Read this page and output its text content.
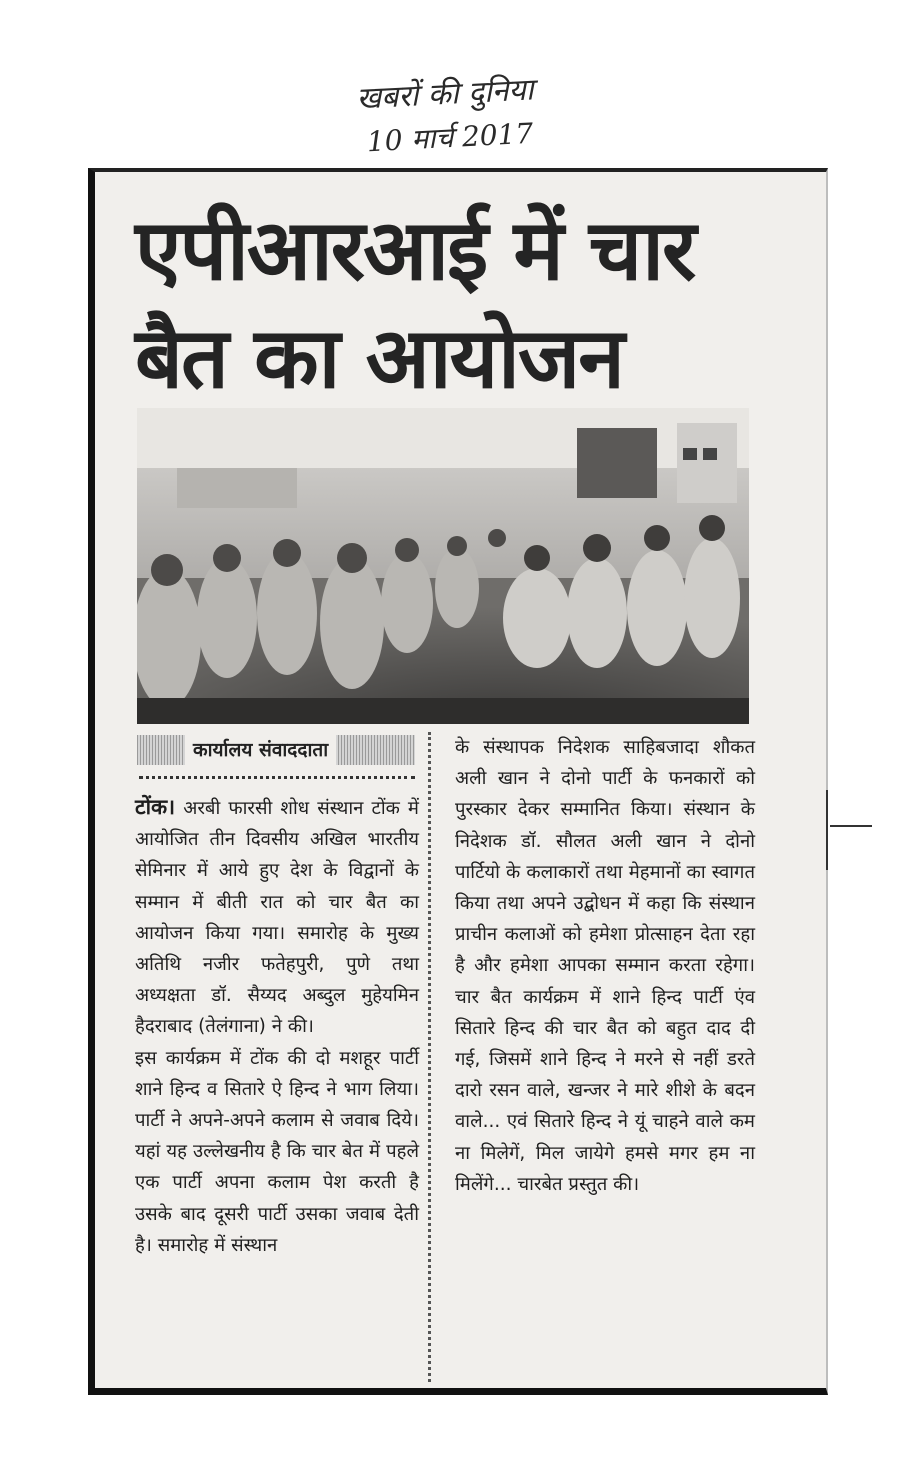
खबरों की दुनिया
10 मार्च 2017
एपीआरआई में चार
बैत का आयोजन
कार्यालय संवाददाता

टोंक। अरबी फारसी शोध संस्थान टोंक में आयोजित तीन दिवसीय अखिल भारतीय सेमिनार में आये हुए देश के विद्वानों के सम्मान में बीती रात को चार बैत का आयोजन किया गया। समारोह के मुख्य अतिथि नजीर फतेहपुरी, पुणे तथा अध्यक्षता डॉ. सैय्यद अब्दुल मुहेयमिन हैदराबाद (तेलंगाना) ने की।

इस कार्यक्रम में टोंक की दो मशहूर पार्टी शाने हिन्द व सितारे ऐ हिन्द ने भाग लिया। पार्टी ने अपने-अपने कलाम से जवाब दिये। यहां यह उल्लेखनीय है कि चार बेत में पहले एक पार्टी अपना कलाम पेश करती है उसके बाद दूसरी पार्टी उसका जवाब देती है। समारोह में संस्थान

के संस्थापक निदेशक साहिबजादा शौकत अली खान ने दोनो पार्टी के फनकारों को पुरस्कार देकर सम्मानित किया। संस्थान के निदेशक डॉ. सौलत अली खान ने दोनो पार्टियो के कलाकारों तथा मेहमानों का स्वागत किया तथा अपने उद्बोधन में कहा कि संस्थान प्राचीन कलाओं को हमेशा प्रोत्साहन देता रहा है और हमेशा आपका सम्मान करता रहेगा। चार बैत कार्यक्रम में शाने हिन्द पार्टी एंव सितारे हिन्द की चार बैत को बहुत दाद दी गई, जिसमें शाने हिन्द ने मरने से नहीं डरते दारो रसन वाले, खन्जर ने मारे शीशे के बदन वाले... एवं सितारे हिन्द ने यूं चाहने वाले कम ना मिलेगें, मिल जायेगे हमसे मगर हम ना मिलेंगे... चारबेत प्रस्तुत की।
